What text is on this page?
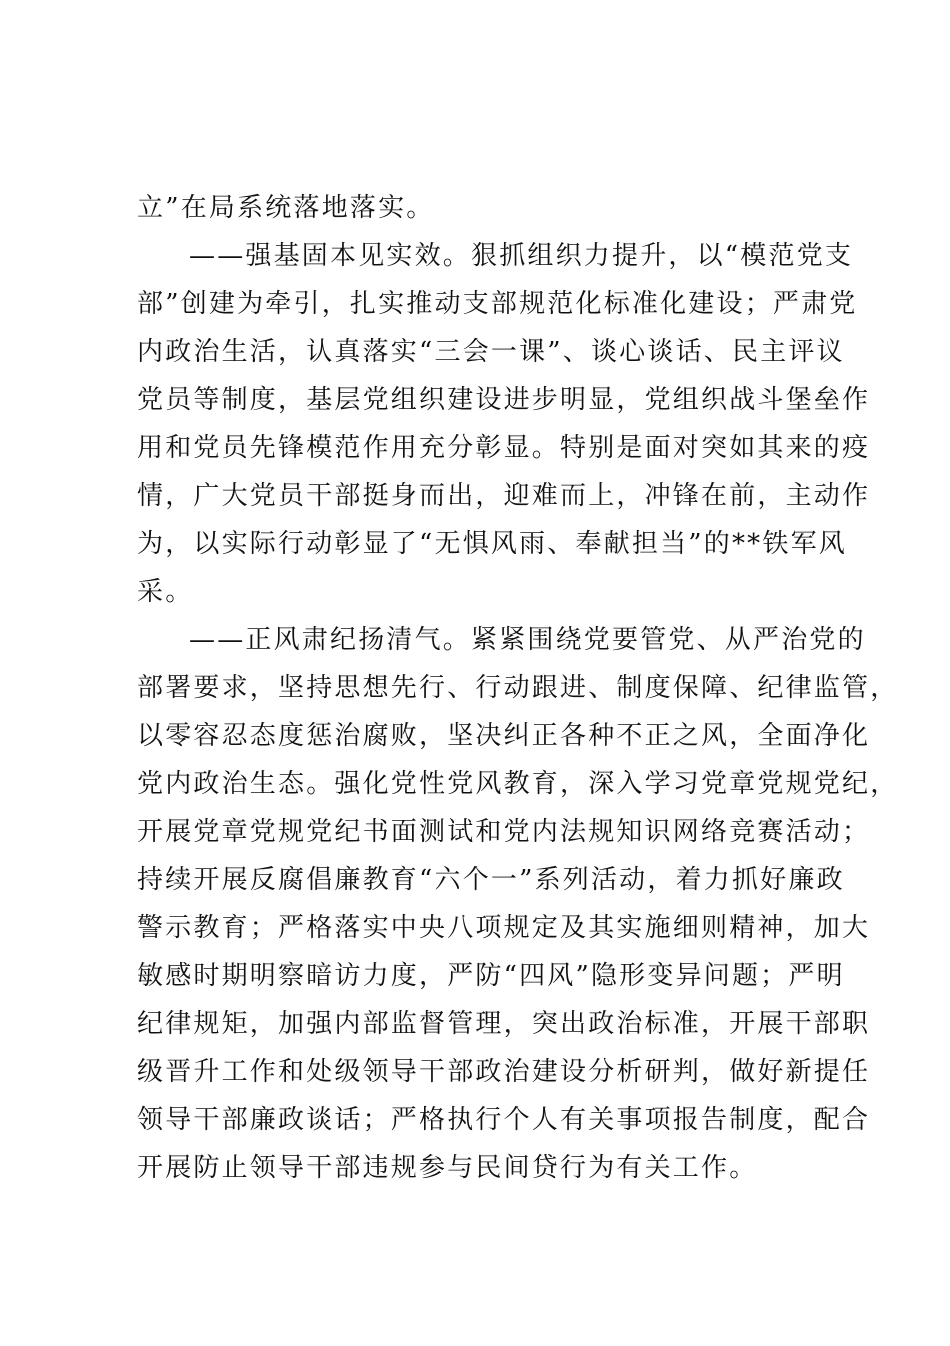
立”在局系统落地落实。
——强基固本见实效。狠抓组织力提升，以“模范党支
部”创建为牵引，扎实推动支部规范化标准化建设；严肃党
内政治生活，认真落实“三会一课”、谈心谈话、民主评议
党员等制度，基层党组织建设进步明显，党组织战斗堡垒作
用和党员先锋模范作用充分彰显。特别是面对突如其来的疫
情，广大党员干部挺身而出，迎难而上，冲锋在前，主动作
为，以实际行动彰显了“无惧风雨、奉献担当”的**铁军风
采。
——正风肃纪扬清气。紧紧围绕党要管党、从严治党的
部署要求，坚持思想先行、行动跟进、制度保障、纪律监管，
以零容忍态度惩治腐败，坚决纠正各种不正之风，全面净化
党内政治生态。强化党性党风教育，深入学习党章党规党纪，
开展党章党规党纪书面测试和党内法规知识网络竞赛活动；
持续开展反腐倡廉教育“六个一”系列活动，着力抓好廉政
警示教育；严格落实中央八项规定及其实施细则精神，加大
敏感时期明察暗访力度，严防“四风”隐形变异问题；严明
纪律规矩，加强内部监督管理，突出政治标准，开展干部职
级晋升工作和处级领导干部政治建设分析研判，做好新提任
领导干部廉政谈话；严格执行个人有关事项报告制度，配合
开展防止领导干部违规参与民间贷行为有关工作。
